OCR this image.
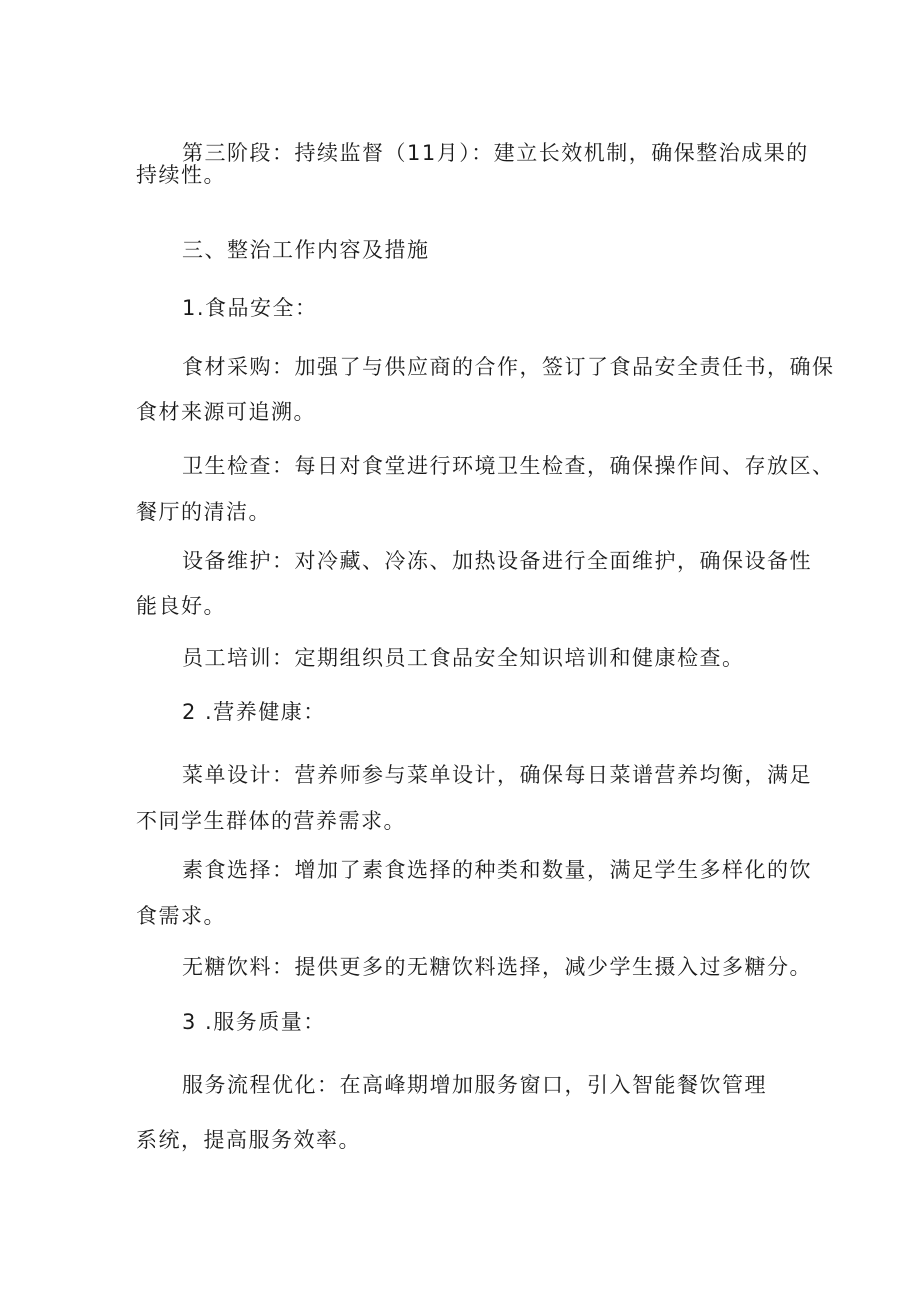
第三阶段：持续监督（11月）：建立长效机制，确保整治成果的
持续性。
三、整治工作内容及措施
1.食品安全：
食材采购：加强了与供应商的合作，签订了食品安全责任书，确保
食材来源可追溯。
卫生检查：每日对食堂进行环境卫生检查，确保操作间、存放区、
餐厅的清洁。
设备维护：对冷藏、冷冻、加热设备进行全面维护，确保设备性
能良好。
员工培训：定期组织员工食品安全知识培训和健康检查。
2 .营养健康：
菜单设计：营养师参与菜单设计，确保每日菜谱营养均衡，满足
不同学生群体的营养需求。
素食选择：增加了素食选择的种类和数量，满足学生多样化的饮
食需求。
无糖饮料：提供更多的无糖饮料选择，减少学生摄入过多糖分。
3 .服务质量：
服务流程优化：在高峰期增加服务窗口，引入智能餐饮管理
系统，提高服务效率。
